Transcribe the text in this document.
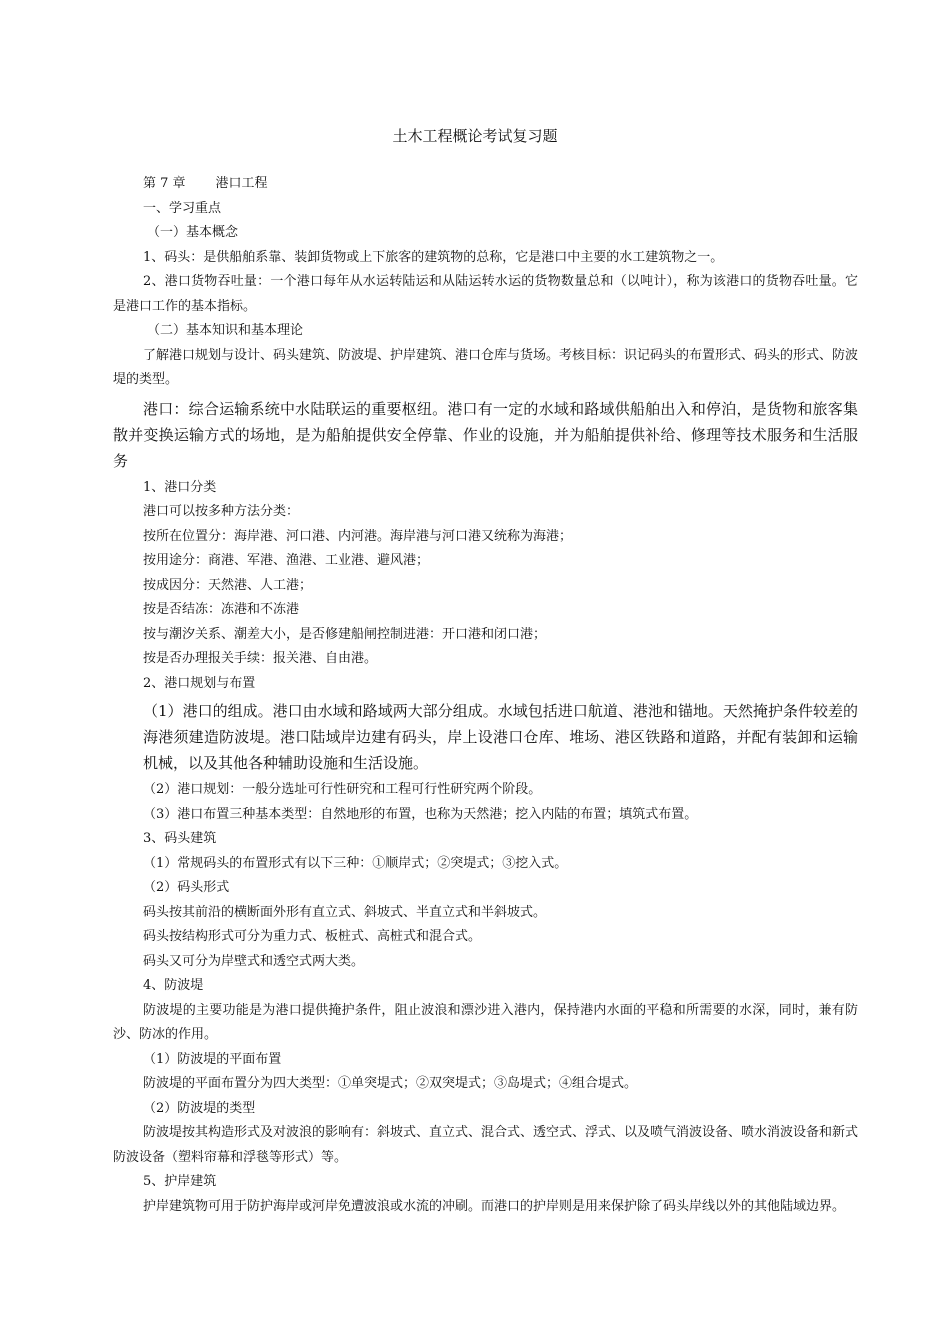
土木工程概论考试复习题

第 7 章 港口工程

一、学习重点

（一）基本概念

1、码头：是供船舶系靠、装卸货物或上下旅客的建筑物的总称，它是港口中主要的水工建筑物之一。

2、港口货物吞吐量：一个港口每年从水运转陆运和从陆运转水运的货物数量总和（以吨计），称为该港口的货物吞吐量。它是港口工作的基本指标。

（二）基本知识和基本理论

了解港口规划与设计、码头建筑、防波堤、护岸建筑、港口仓库与货场。考核目标：识记码头的布置形式、码头的形式、防波堤的类型。

港口：综合运输系统中水陆联运的重要枢纽。港口有一定的水域和路域供船舶出入和停泊，是货物和旅客集散并变换运输方式的场地，是为船舶提供安全停靠、作业的设施，并为船舶提供补给、修理等技术服务和生活服务

1、港口分类

港口可以按多种方法分类：

按所在位置分：海岸港、河口港、内河港。海岸港与河口港又统称为海港；

按用途分：商港、军港、渔港、工业港、避风港；

按成因分：天然港、人工港；

按是否结冻：冻港和不冻港

按与潮汐关系、潮差大小，是否修建船闸控制进港：开口港和闭口港；

按是否办理报关手续：报关港、自由港。

2、港口规划与布置

（1）港口的组成。港口由水域和路域两大部分组成。水域包括进口航道、港池和锚地。天然掩护条件较差的海港须建造防波堤。港口陆域岸边建有码头，岸上设港口仓库、堆场、港区铁路和道路，并配有装卸和运输机械，以及其他各种辅助设施和生活设施。

（2）港口规划：一般分选址可行性研究和工程可行性研究两个阶段。

（3）港口布置三种基本类型：自然地形的布置，也称为天然港；挖入内陆的布置；填筑式布置。

3、码头建筑

（1）常规码头的布置形式有以下三种：①顺岸式；②突堤式；③挖入式。

（2）码头形式

码头按其前沿的横断面外形有直立式、斜坡式、半直立式和半斜坡式。

码头按结构形式可分为重力式、板桩式、高桩式和混合式。

码头又可分为岸壁式和透空式两大类。

4、防波堤

防波堤的主要功能是为港口提供掩护条件，阻止波浪和漂沙进入港内，保持港内水面的平稳和所需要的水深，同时，兼有防沙、防冰的作用。

（1）防波堤的平面布置

防波堤的平面布置分为四大类型：①单突堤式；②双突堤式；③岛堤式；④组合堤式。

（2）防波堤的类型

防波堤按其构造形式及对波浪的影响有：斜坡式、直立式、混合式、透空式、浮式、以及喷气消波设备、喷水消波设备和新式防波设备（塑料帘幕和浮毯等形式）等。

5、护岸建筑

护岸建筑物可用于防护海岸或河岸免遭波浪或水流的冲刷。而港口的护岸则是用来保护除了码头岸线以外的其他陆域边界。
